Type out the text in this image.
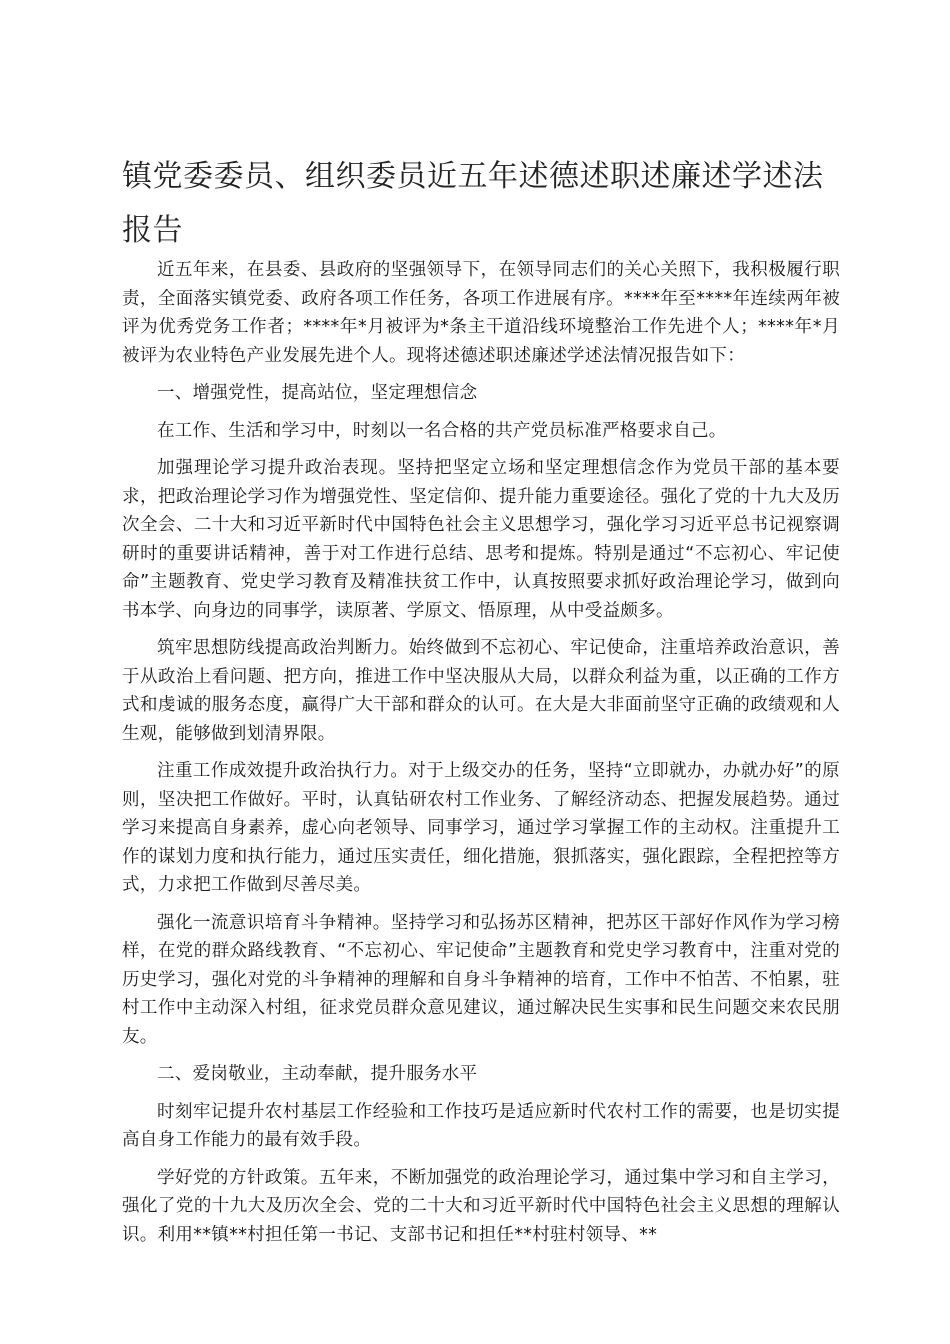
镇党委委员、组织委员近五年述德述职述廉述学述法报告

近五年来，在县委、县政府的坚强领导下，在领导同志们的关心关照下，我积极履行职责，全面落实镇党委、政府各项工作任务，各项工作进展有序。****年至****年连续两年被评为优秀党务工作者；****年*月被评为*条主干道沿线环境整治工作先进个人；****年*月被评为农业特色产业发展先进个人。现将述德述职述廉述学述法情况报告如下：

一、增强党性，提高站位，坚定理想信念

在工作、生活和学习中，时刻以一名合格的共产党员标准严格要求自己。

加强理论学习提升政治表现。坚持把坚定立场和坚定理想信念作为党员干部的基本要求，把政治理论学习作为增强党性、坚定信仰、提升能力重要途径。强化了党的十九大及历次全会、二十大和习近平新时代中国特色社会主义思想学习，强化学习习近平总书记视察调研时的重要讲话精神，善于对工作进行总结、思考和提炼。特别是通过“不忘初心、牢记使命”主题教育、党史学习教育及精准扶贫工作中，认真按照要求抓好政治理论学习，做到向书本学、向身边的同事学，读原著、学原文、悟原理，从中受益颇多。

筑牢思想防线提高政治判断力。始终做到不忘初心、牢记使命，注重培养政治意识，善于从政治上看问题、把方向，推进工作中坚决服从大局，以群众利益为重，以正确的工作方式和虔诚的服务态度，赢得广大干部和群众的认可。在大是大非面前坚守正确的政绩观和人生观，能够做到划清界限。

注重工作成效提升政治执行力。对于上级交办的任务，坚持“立即就办，办就办好”的原则，坚决把工作做好。平时，认真钻研农村工作业务、了解经济动态、把握发展趋势。通过学习来提高自身素养，虚心向老领导、同事学习，通过学习掌握工作的主动权。注重提升工作的谋划力度和执行能力，通过压实责任，细化措施，狠抓落实，强化跟踪，全程把控等方式，力求把工作做到尽善尽美。

强化一流意识培育斗争精神。坚持学习和弘扬苏区精神，把苏区干部好作风作为学习榜样，在党的群众路线教育、“不忘初心、牢记使命”主题教育和党史学习教育中，注重对党的历史学习，强化对党的斗争精神的理解和自身斗争精神的培育，工作中不怕苦、不怕累，驻村工作中主动深入村组，征求党员群众意见建议，通过解决民生实事和民生问题交来农民朋友。

二、爱岗敬业，主动奉献，提升服务水平

时刻牢记提升农村基层工作经验和工作技巧是适应新时代农村工作的需要，也是切实提高自身工作能力的最有效手段。

学好党的方针政策。五年来，不断加强党的政治理论学习，通过集中学习和自主学习，强化了党的十九大及历次全会、党的二十大和习近平新时代中国特色社会主义思想的理解认识。利用**镇**村担任第一书记、支部书记和担任**村驻村领导、**
